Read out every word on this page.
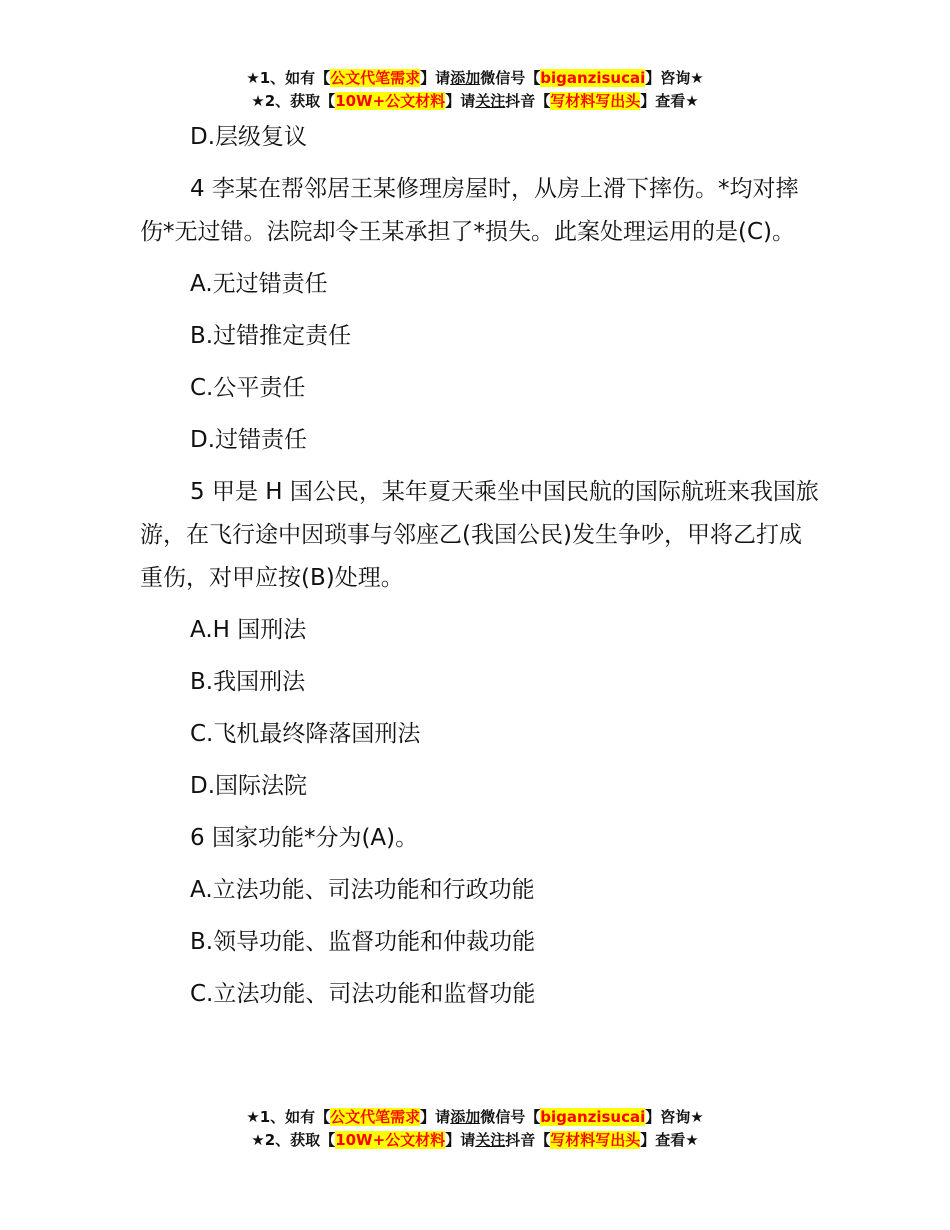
★1、如有【公文代笔需求】请添加微信号【biganzisucai】咨询★
★2、获取【10W+公文材料】请关注抖音【写材料写出头】查看★

D.层级复议

4 李某在帮邻居王某修理房屋时，从房上滑下摔伤。*均对摔伤*无过错。法院却令王某承担了*损失。此案处理运用的是(C)。

A.无过错责任

B.过错推定责任

C.公平责任

D.过错责任

5 甲是 H 国公民，某年夏天乘坐中国民航的国际航班来我国旅游，在飞行途中因琐事与邻座乙(我国公民)发生争吵，甲将乙打成重伤，对甲应按(B)处理。

A.H 国刑法

B.我国刑法

C.飞机最终降落国刑法

D.国际法院

6 国家功能*分为(A)。

A.立法功能、司法功能和行政功能

B.领导功能、监督功能和仲裁功能

C.立法功能、司法功能和监督功能

★1、如有【公文代笔需求】请添加微信号【biganzisucai】咨询★
★2、获取【10W+公文材料】请关注抖音【写材料写出头】查看★
